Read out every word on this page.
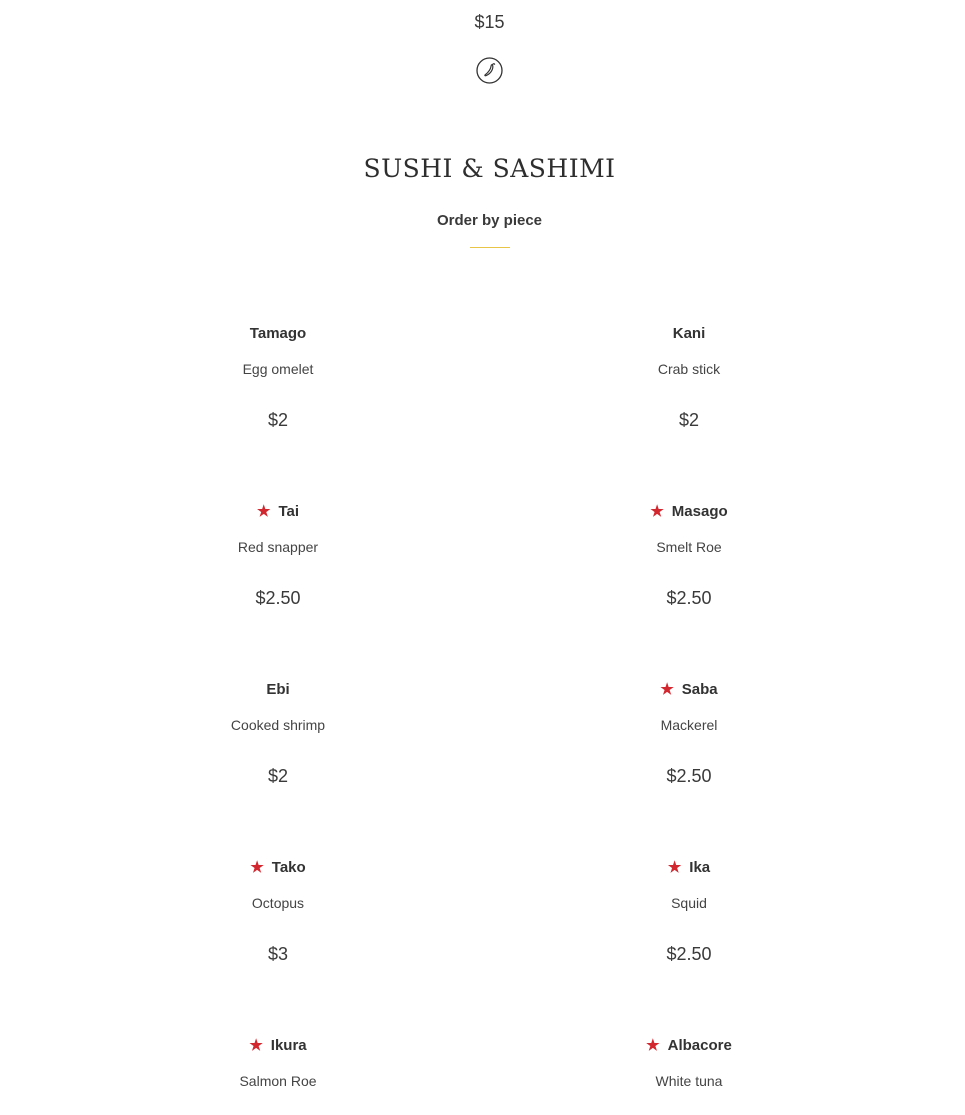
$15
SUSHI & SASHIMI
Order by piece
Tamago
Egg omelet
$2
Kani
Crab stick
$2
★ Tai
Red snapper
$2.50
★ Masago
Smelt Roe
$2.50
Ebi
Cooked shrimp
$2
★ Saba
Mackerel
$2.50
★ Tako
Octopus
$3
★ Ika
Squid
$2.50
★ Ikura
Salmon Roe
★ Albacore
White tuna
